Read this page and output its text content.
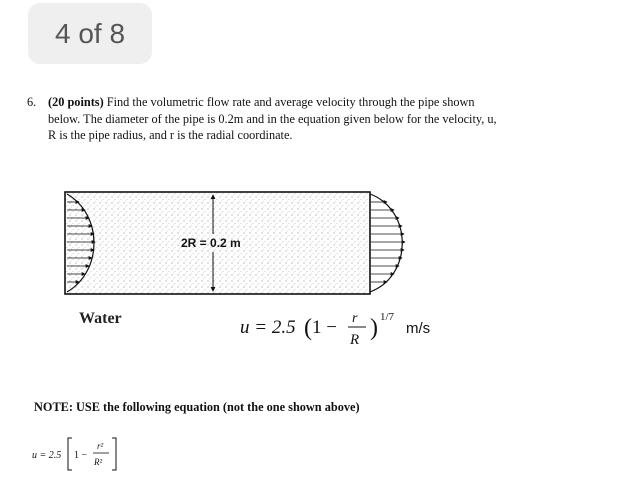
4 of 8
6. (20 points) Find the volumetric flow rate and average velocity through the pipe shown
below. The diameter of the pipe is 0.2m and in the equation given below for the velocity, u,
R is the pipe radius, and r is the radial coordinate.
2R = 0.2 m
Water	u = 2.5 ( 1 − r
R ) 1/7
m/s
NOTE: USE the following equation (not the one shown above)
u = 2.5 1 −
r²
R²
